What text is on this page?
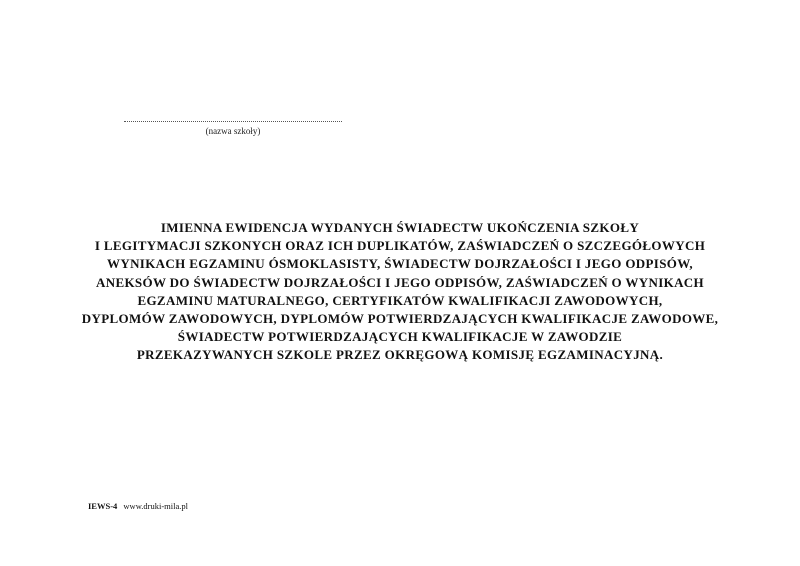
(nazwa szkoły)
IMIENNA EWIDENCJA WYDANYCH ŚWIADECTW UKOŃCZENIA SZKOŁY
I LEGITYMACJI SZKONYCH ORAZ ICH DUPLIKATÓW, ZAŚWIADCZEŃ O SZCZEGÓŁOWYCH
WYNIKACH EGZAMINU ÓSMOKLASISTY, ŚWIADECTW DOJRZAŁOŚCI I JEGO ODPISÓW,
ANEKSÓW DO ŚWIADECTW DOJRZAŁOŚCI I JEGO ODPISÓW, ZAŚWIADCZEŃ O WYNIKACH
EGZAMINU MATURALNEGO, CERTYFIKATÓW KWALIFIKACJI ZAWODOWYCH,
DYPLOMÓW ZAWODOWYCH, DYPLOMÓW POTWIERDZAJĄCYCH KWALIFIKACJE ZAWODOWE,
ŚWIADECTW POTWIERDZAJĄCYCH KWALIFIKACJE W ZAWODZIE
PRZEKAZYWANYCH SZKOLE PRZEZ OKRĘGOWĄ KOMISJĘ EGZAMINACYJNĄ.
IEWS-4 www.druki-mila.pl
